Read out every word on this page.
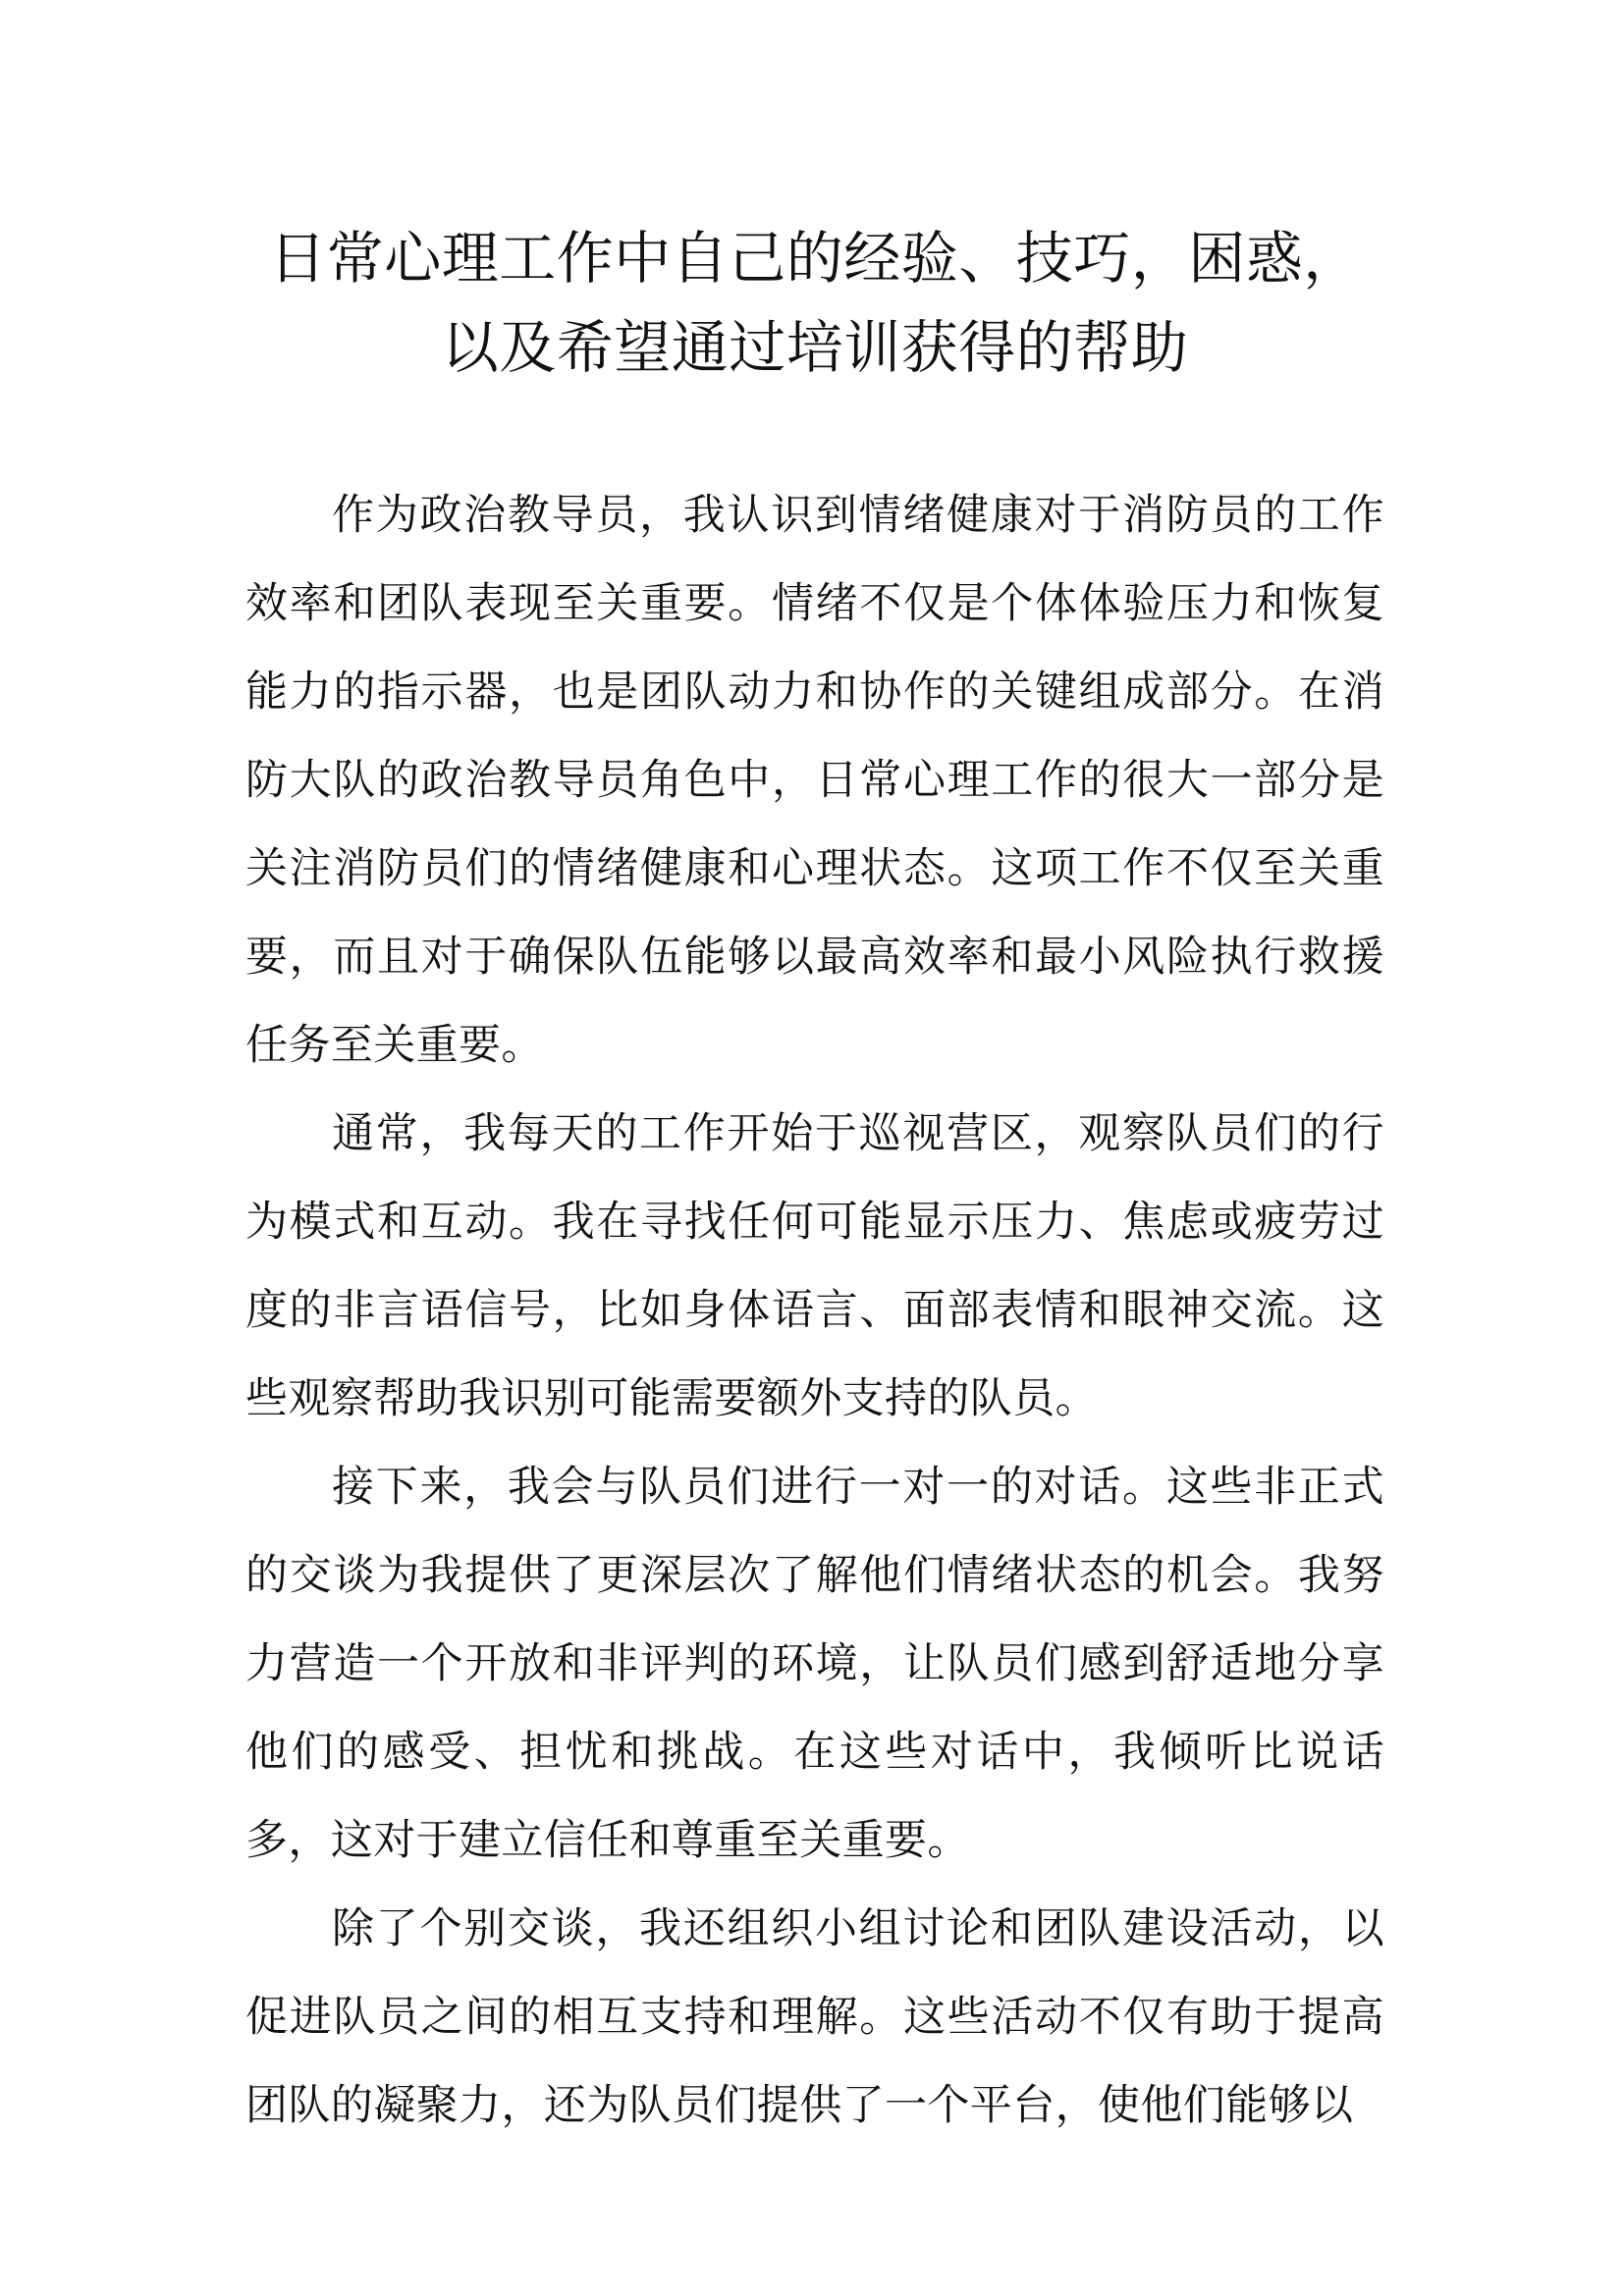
日常心理工作中自己的经验、技巧，困惑，以及希望通过培训获得的帮助

作为政治教导员，我认识到情绪健康对于消防员的工作效率和团队表现至关重要。情绪不仅是个体体验压力和恢复能力的指示器，也是团队动力和协作的关键组成部分。在消防大队的政治教导员角色中，日常心理工作的很大一部分是关注消防员们的情绪健康和心理状态。这项工作不仅至关重要，而且对于确保队伍能够以最高效率和最小风险执行救援任务至关重要。

通常，我每天的工作开始于巡视营区，观察队员们的行为模式和互动。我在寻找任何可能显示压力、焦虑或疲劳过度的非言语信号，比如身体语言、面部表情和眼神交流。这些观察帮助我识别可能需要额外支持的队员。

接下来，我会与队员们进行一对一的对话。这些非正式的交谈为我提供了更深层次了解他们情绪状态的机会。我努力营造一个开放和非评判的环境，让队员们感到舒适地分享他们的感受、担忧和挑战。在这些对话中，我倾听比说话多，这对于建立信任和尊重至关重要。

除了个别交谈，我还组织小组讨论和团队建设活动，以促进队员之间的相互支持和理解。这些活动不仅有助于提高团队的凝聚力，还为队员们提供了一个平台，使他们能够以
